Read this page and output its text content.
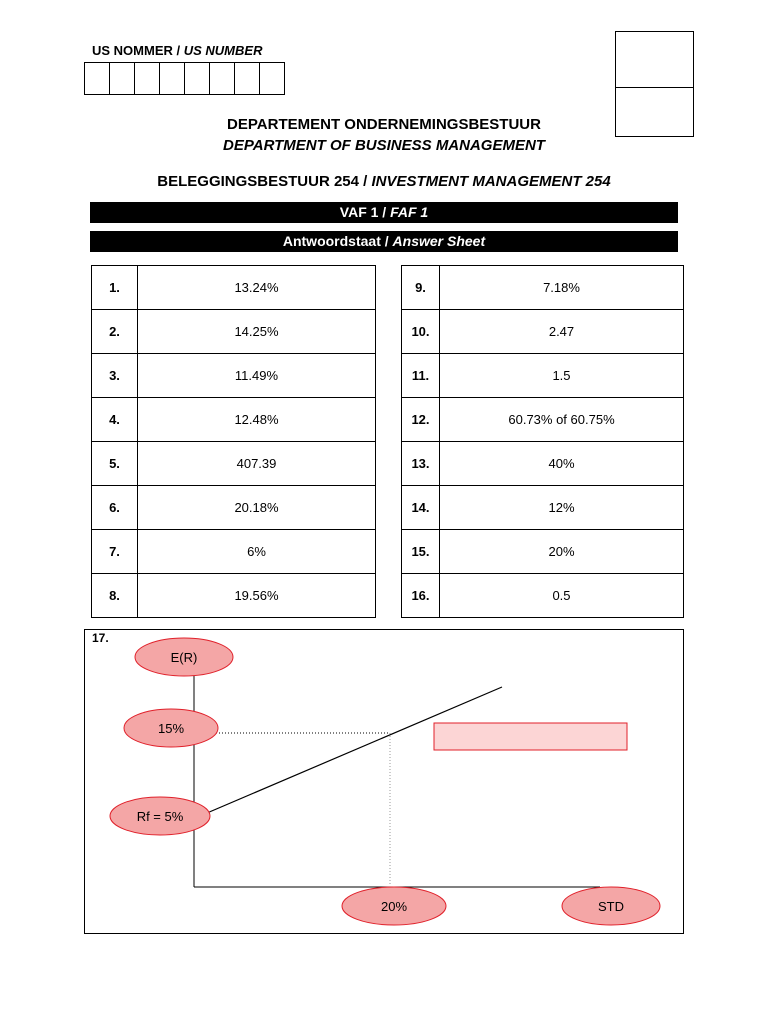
US NOMMER / US NUMBER
DEPARTEMENT ONDERNEMINGSBESTUUR
DEPARTMENT OF BUSINESS MANAGEMENT
BELEGGINGSBESTUUR 254 / INVESTMENT MANAGEMENT 254
VAF 1 / FAF 1
Antwoordstaat / Answer Sheet
1.	13.24%
2.	14.25%
3.	11.49%
4.	12.48%
5.	407.39
6.	20.18%
7.	6%
8.	19.56%
9.	7.18%
10.	2.47
11.	1.5
12.	60.73% of 60.75%
13.	40%
14.	12%
15.	20%
16.	0.5
17.
E(R)
15%
Rf = 5%
20%	STD
